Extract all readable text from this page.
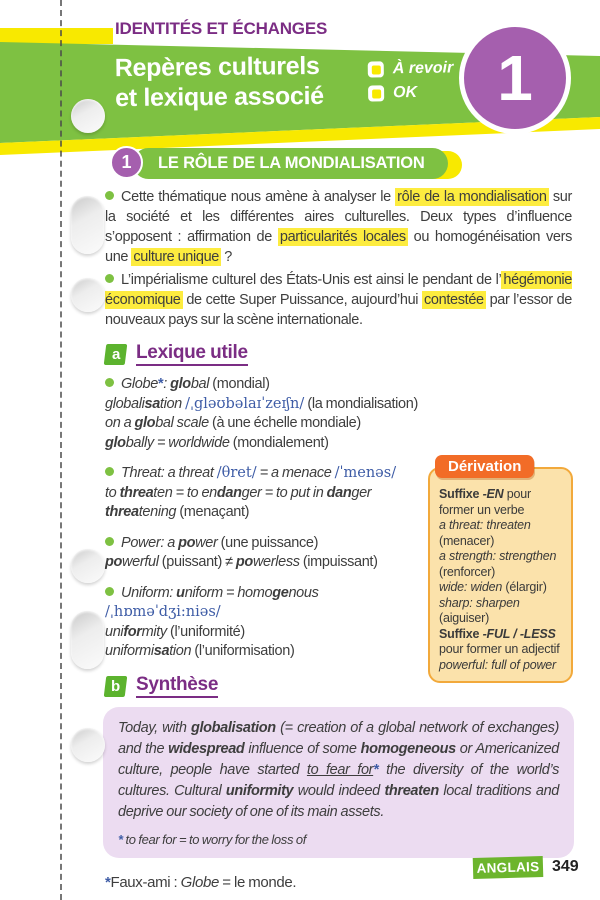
IDENTITÉS ET ÉCHANGES
Repères culturels
et lexique associé
À revoir
OK 1
LE RÔLE DE LA MONDIALISATION
1
Dérivation
Suffixe -EN pour former un verbe
a threat: threaten (menacer)
a strength: strengthen (renforcer)
wide: widen (élargir)
sharp: sharpen (aiguiser)
Suffixe -FUL / -LESS pour former un adjectif
powerful: full of power
Cette thématique nous amène à analyser le rôle de la mondialisation sur la société et les différentes aires culturelles. Deux types d’influence s’opposent : affirmation de particularités locales ou homogénéisation vers une culture unique ?
L’impérialisme culturel des États-Unis est ainsi le pendant de l’ hégémonie économique de cette Super Puissance, aujourd’hui contestée par l’essor de nouveaux pays sur la scène internationale.
a Lexique utile
Globe*: global (mondial)
globalisation /ˌgləʊbəlaɪˈzeɪʃn/ (la mondialisation)
on a global scale (à une échelle mondiale)
globally = worldwide (mondialement)
Threat: a threat /θret/ = a menace /ˈmenəs/
to threaten = to endanger = to put in danger
threatening (menaçant)
Power: a power (une puissance)
powerful (puissant) ≠ powerless (impuissant)
Uniform: uniform = homogenous
/ˌhɒməˈdʒi:niəs/
uniformity (l’uniformité)
uniformisation (l’uniformisation)
b Synthèse
Today, with globalisation (= creation of a global network of exchanges) and the widespread influence of some homogeneous or Americanized culture, people have started to fear for* the diversity of the world’s cultures. Cultural uniformity would indeed threaten local traditions and deprive our society of one of its main assets.
* to fear for = to worry for the loss of
*Faux-ami : Globe = le monde.
ANGLAIS 349
